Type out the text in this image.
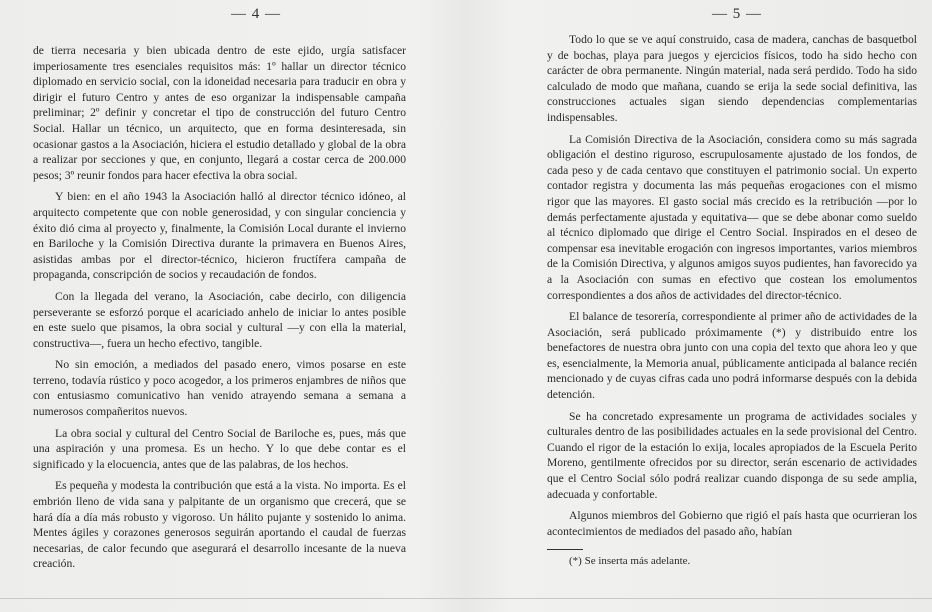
— 4 —

de tierra necesaria y bien ubicada dentro de este ejido, urgía satisfacer imperiosamente tres esenciales requisitos más: 1º hallar un director técnico diplomado en servicio social, con la idoneidad necesaria para traducir en obra y dirigir el futuro Centro y antes de eso organizar la indispensable campaña preliminar; 2º definir y concretar el tipo de construcción del futuro Centro Social. Hallar un técnico, un arquitecto, que en forma desinteresada, sin ocasionar gastos a la Asociación, hiciera el estudio detallado y global de la obra a realizar por secciones y que, en conjunto, llegará a costar cerca de 200.000 pesos; 3º reunir fondos para hacer efectiva la obra social.

Y bien: en el año 1943 la Asociación halló al director técnico idóneo, al arquitecto competente que con noble generosidad, y con singular conciencia y éxito dió cima al proyecto y, finalmente, la Comisión Local durante el invierno en Bariloche y la Comisión Directiva durante la primavera en Buenos Aires, asistidas ambas por el director-técnico, hicieron fructífera campaña de propaganda, conscripción de socios y recaudación de fondos.

Con la llegada del verano, la Asociación, cabe decirlo, con diligencia perseverante se esforzó porque el acariciado anhelo de iniciar lo antes posible en este suelo que pisamos, la obra social y cultural —y con ella la material, constructiva—, fuera un hecho efectivo, tangible.

No sin emoción, a mediados del pasado enero, vimos posarse en este terreno, todavía rústico y poco acogedor, a los primeros enjambres de niños que con entusiasmo comunicativo han venido atrayendo semana a semana a numerosos compañeritos nuevos.

La obra social y cultural del Centro Social de Bariloche es, pues, más que una aspiración y una promesa. Es un hecho. Y lo que debe contar es el significado y la elocuencia, antes que de las palabras, de los hechos.

Es pequeña y modesta la contribución que está a la vista. No importa. Es el embrión lleno de vida sana y palpitante de un organismo que crecerá, que se hará día a día más robusto y vigoroso. Un hálito pujante y sostenido lo anima. Mentes ágiles y corazones generosos seguirán aportando el caudal de fuerzas necesarias, de calor fecundo que asegurará el desarrollo incesante de la nueva creación.

— 5 —

Todo lo que se ve aquí construido, casa de madera, canchas de basquetbol y de bochas, playa para juegos y ejercicios físicos, todo ha sido hecho con carácter de obra permanente. Ningún material, nada será perdido. Todo ha sido calculado de modo que mañana, cuando se erija la sede social definitiva, las construcciones actuales sigan siendo dependencias complementarias indispensables.

La Comisión Directiva de la Asociación, considera como su más sagrada obligación el destino riguroso, escrupulosamente ajustado de los fondos, de cada peso y de cada centavo que constituyen el patrimonio social. Un experto contador registra y documenta las más pequeñas erogaciones con el mismo rigor que las mayores. El gasto social más crecido es la retribución —por lo demás perfectamente ajustada y equitativa— que se debe abonar como sueldo al técnico diplomado que dirige el Centro Social. Inspirados en el deseo de compensar esa inevitable erogación con ingresos importantes, varios miembros de la Comisión Directiva, y algunos amigos suyos pudientes, han favorecido ya a la Asociación con sumas en efectivo que costean los emolumentos correspondientes a dos años de actividades del director-técnico.

El balance de tesorería, correspondiente al primer año de actividades de la Asociación, será publicado próximamente (*) y distribuido entre los benefactores de nuestra obra junto con una copia del texto que ahora leo y que es, esencialmente, la Memoria anual, públicamente anticipada al balance recién mencionado y de cuyas cifras cada uno podrá informarse después con la debida detención.

Se ha concretado expresamente un programa de actividades sociales y culturales dentro de las posibilidades actuales en la sede provisional del Centro. Cuando el rigor de la estación lo exija, locales apropiados de la Escuela Perito Moreno, gentilmente ofrecidos por su director, serán escenario de actividades que el Centro Social sólo podrá realizar cuando disponga de su sede amplia, adecuada y confortable.

Algunos miembros del Gobierno que rigió el país hasta que ocurrieran los acontecimientos de mediados del pasado año, habían

(*) Se inserta más adelante.
